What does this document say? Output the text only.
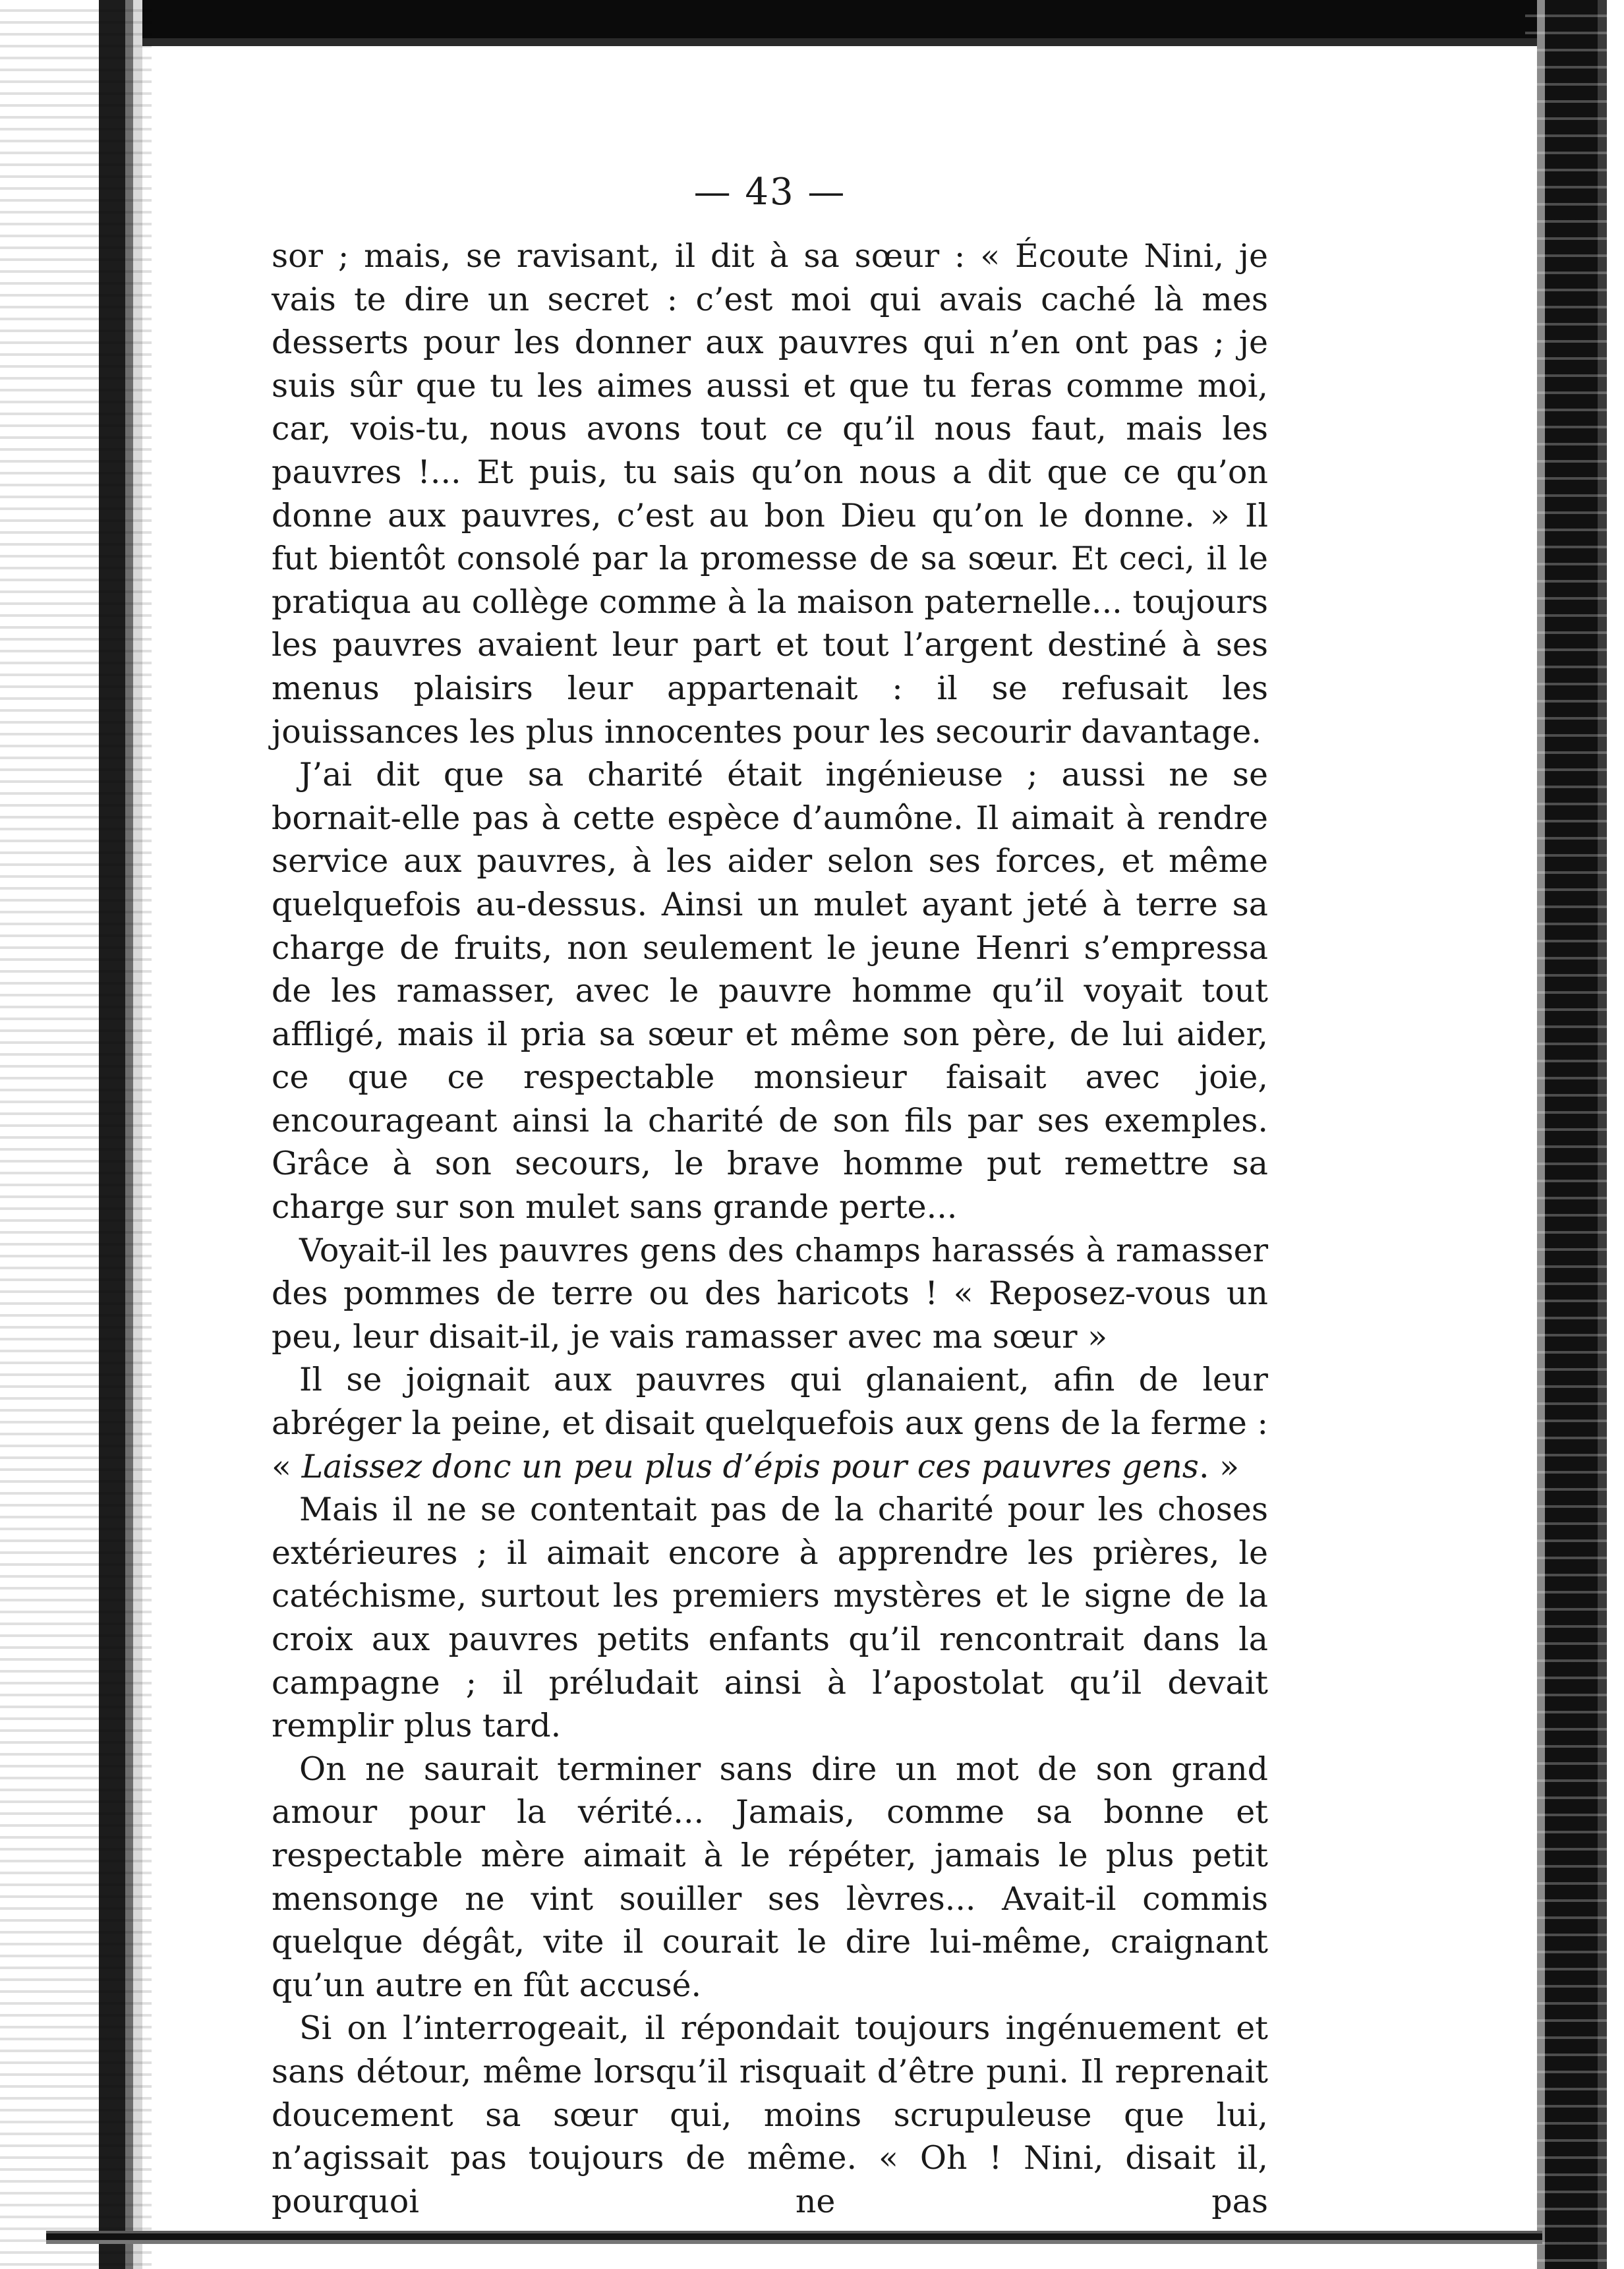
— 43 —

sor ; mais, se ravisant, il dit à sa sœur : « Écoute Nini, je vais te dire un secret : c’est moi qui avais caché là mes desserts pour les donner aux pauvres qui n’en ont pas ; je suis sûr que tu les aimes aussi et que tu feras comme moi, car, vois-tu, nous avons tout ce qu’il nous faut, mais les pauvres !... Et puis, tu sais qu’on nous a dit que ce qu’on donne aux pauvres, c’est au bon Dieu qu’on le donne. » Il fut bientôt consolé par la promesse de sa sœur. Et ceci, il le pratiqua au collège comme à la maison paternelle... toujours les pauvres avaient leur part et tout l’argent destiné à ses menus plaisirs leur appartenait : il se refusait les jouissances les plus innocentes pour les secourir davantage.

J’ai dit que sa charité était ingénieuse ; aussi ne se bornait-elle pas à cette espèce d’aumône. Il aimait à rendre service aux pauvres, à les aider selon ses forces, et même quelquefois au-dessus. Ainsi un mulet ayant jeté à terre sa charge de fruits, non seulement le jeune Henri s’empressa de les ramasser, avec le pauvre homme qu’il voyait tout affligé, mais il pria sa sœur et même son père, de lui aider, ce que ce respectable monsieur faisait avec joie, encourageant ainsi la charité de son fils par ses exemples. Grâce à son secours, le brave homme put remettre sa charge sur son mulet sans grande perte...

Voyait-il les pauvres gens des champs harassés à ramasser des pommes de terre ou des haricots ! « Reposez-vous un peu, leur disait-il, je vais ramasser avec ma sœur »

Il se joignait aux pauvres qui glanaient, afin de leur abréger la peine, et disait quelquefois aux gens de la ferme : « Laissez donc un peu plus d’épis pour ces pauvres gens. »

Mais il ne se contentait pas de la charité pour les choses extérieures ; il aimait encore à apprendre les prières, le catéchisme, surtout les premiers mystères et le signe de la croix aux pauvres petits enfants qu’il rencontrait dans la campagne ; il préludait ainsi à l’apostolat qu’il devait remplir plus tard.

On ne saurait terminer sans dire un mot de son grand amour pour la vérité... Jamais, comme sa bonne et respectable mère aimait à le répéter, jamais le plus petit mensonge ne vint souiller ses lèvres... Avait-il commis quelque dégât, vite il courait le dire lui-même, craignant qu’un autre en fût accusé.

Si on l’interrogeait, il répondait toujours ingénuement et sans détour, même lorsqu’il risquait d’être puni. Il reprenait doucement sa sœur qui, moins scrupuleuse que lui, n’agissait pas toujours de même. « Oh ! Nini, disait il, pourquoi ne pas
